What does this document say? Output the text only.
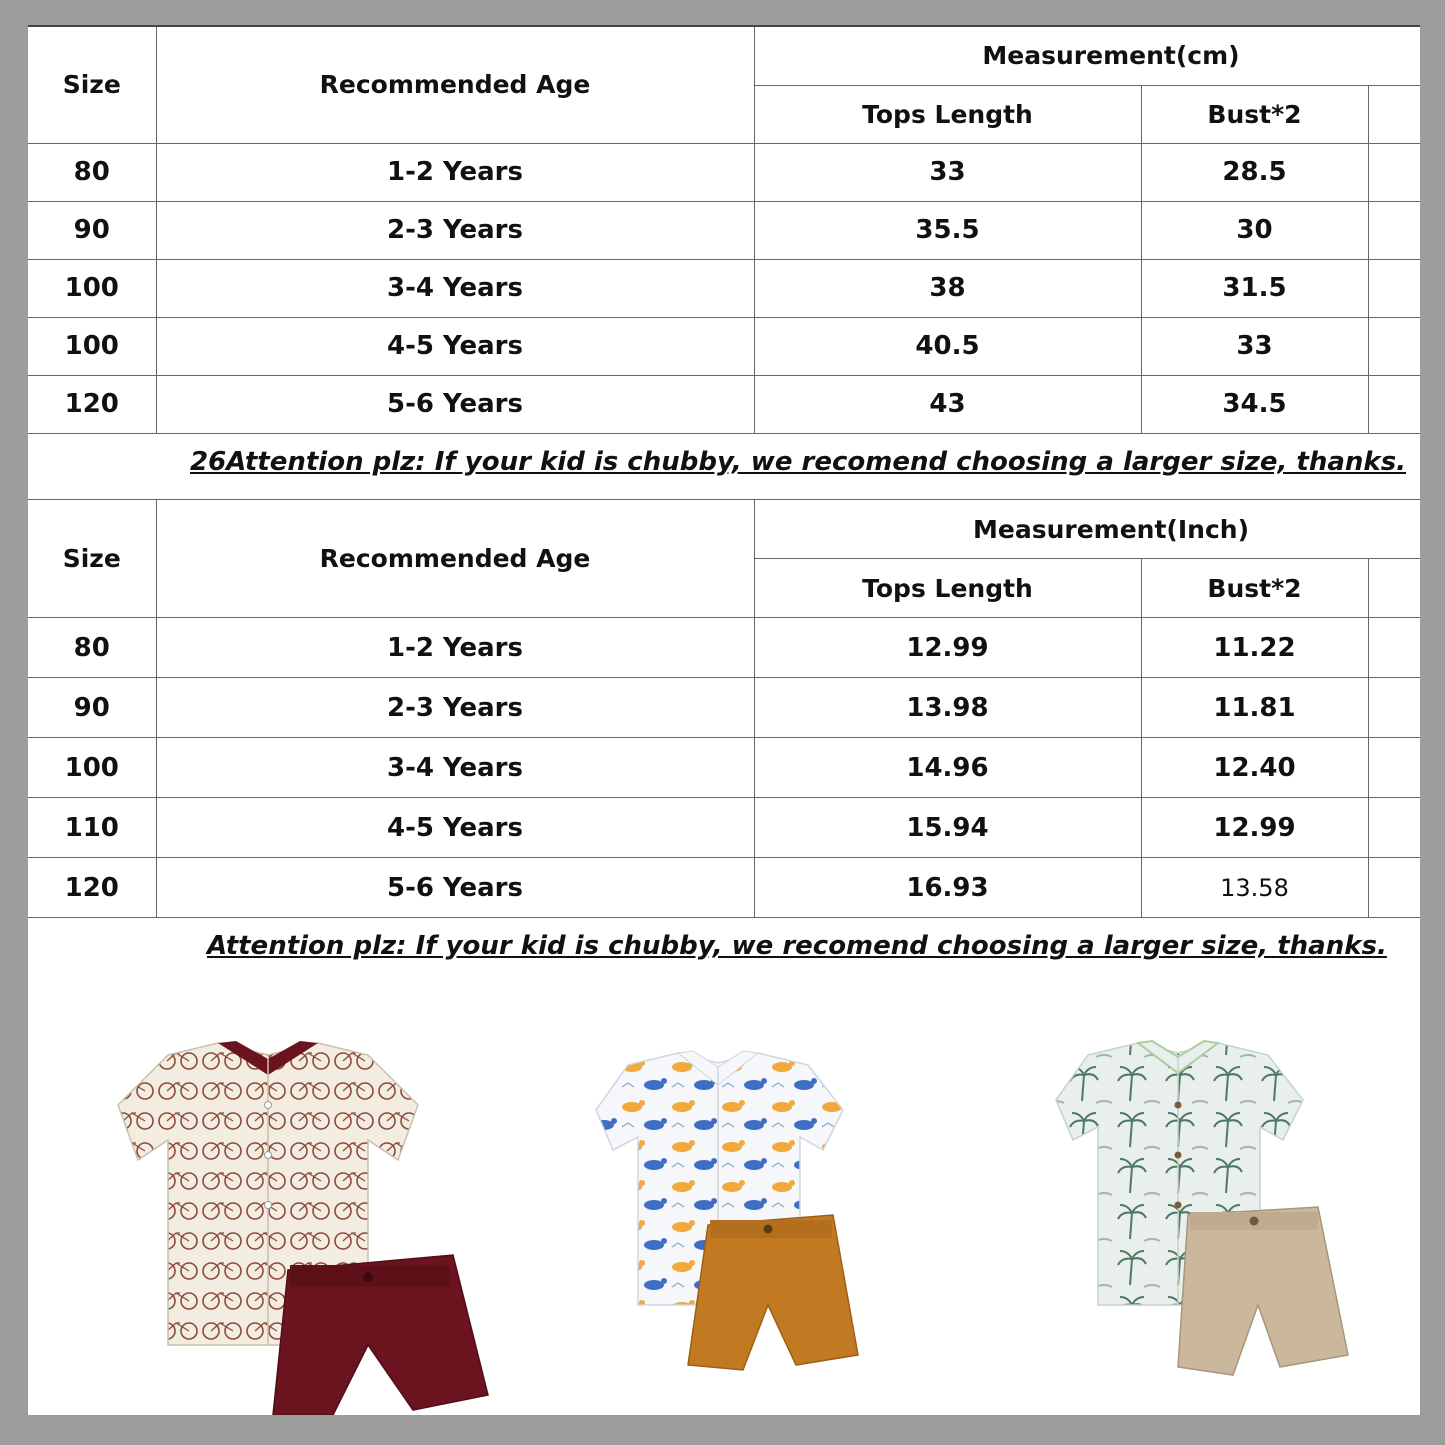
Size	Recommended Age	Measurement(cm)		
		Tops Length	Bust*2	
80	1-2 Years	33	28.5	
90	2-3 Years	35.5	30	
100	3-4 Years	38	31.5	
100	4-5 Years	40.5	33	
120	5-6 Years	43	34.5	
26Attention plz: If your kid is chubby, we recomend choosing a larger size, thanks.
Size	Recommended Age	Measurement(Inch)		
		Tops Length	Bust*2	
80	1-2 Years	12.99	11.22	
90	2-3 Years	13.98	11.81	
100	3-4 Years	14.96	12.40	
110	4-5 Years	15.94	12.99	
120	5-6 Years	16.93	13.58	
Attention plz: If your kid is chubby, we recomend choosing a larger size, thanks.
